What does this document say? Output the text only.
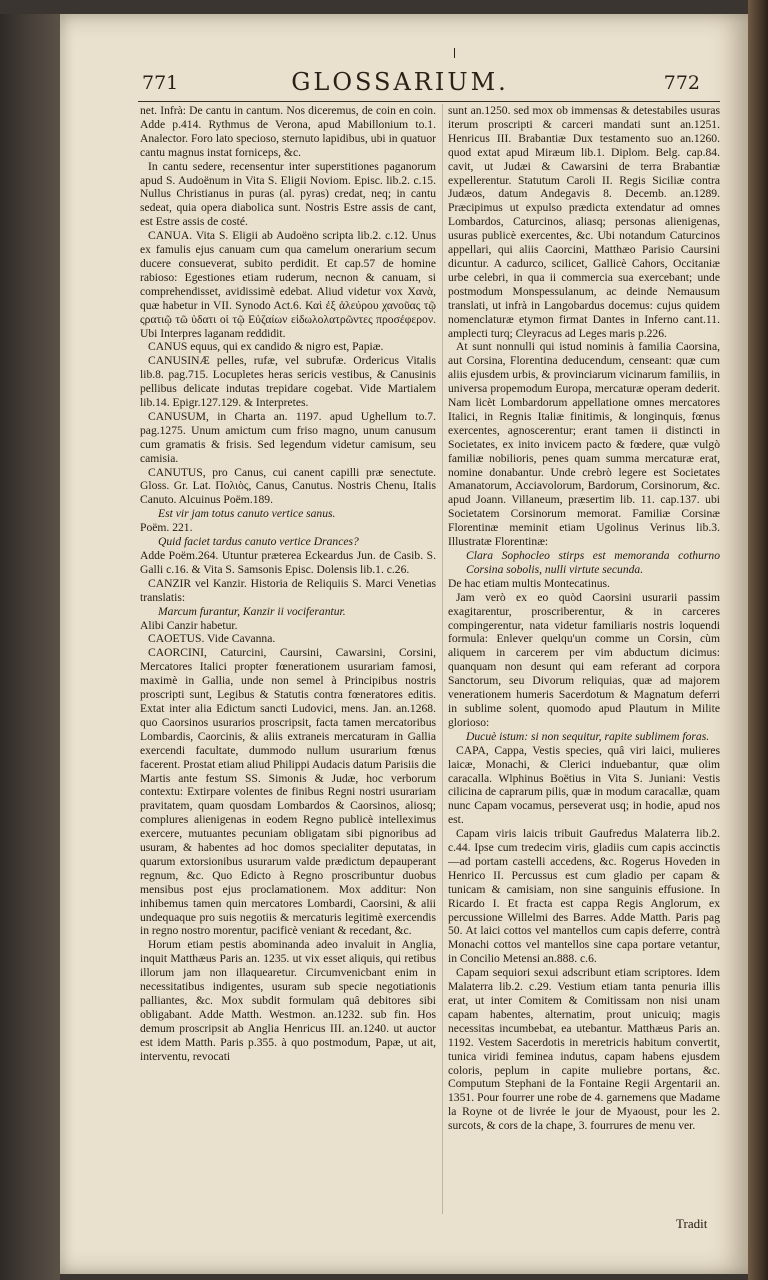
771	GLOSSARIUM.	772

net. Infrà: De cantu in cantum. Nos diceremus, de coin en coin. Adde p.414. Rythmus de Verona, apud Mabillonium to.1. Analector. Foro lato specioso, sternuto lapidibus, ubi in quatuor cantu magnus instat forniceps, &c.

In cantu sedere, recensentur inter superstitiones paganorum apud S. Audoënum in Vita S. Eligii Noviom. Episc. lib.2. c.15. Nullus Christianus in puras (al. pyras) credat, neq; in cantu sedeat, quia opera diabolica sunt. Nostris Estre assis de cant, est Estre assis de costé.

CANUA. Vita S. Eligii ab Audoëno scripta lib.2. c.12. Unus ex famulis ejus canuam cum qua camelum onerarium secum ducere consueverat, subito perdidit. Et cap.57 de homine rabioso: Egestiones etiam ruderum, necnon & canuam, si comprehendisset, avidissimè edebat. Aliud videtur vox Χανὰ, quæ habetur in VII. Synodo Act.6. Καὶ ἐξ ἀλεύρου χανοῦας τῷ ςρατιῷ τῶ ὑδατι οἱ τῷ Εὐζαίων εἰδωλολατρῶντες προσέφερον. Ubi Interpres laganam reddidit.

CANUS equus, qui ex candido & nigro est, Papiæ.

CANUSINÆ pelles, rufæ, vel subrufæ. Ordericus Vitalis lib.8. pag.715. Locupletes heras sericis vestibus, & Canusinis pellibus delicate indutas trepidare cogebat. Vide Martialem lib.14. Epigr.127.129. & Interpretes.

CANUSUM, in Charta an. 1197. apud Ughellum to.7. pag.1275. Unum amictum cum friso magno, unum canusum cum gramatis & frisis. Sed legendum videtur camisum, seu camisia.

CANUTUS, pro Canus, cui canent capilli præ senectute. Gloss. Gr. Lat. Πολιὸς, Canus, Canutus. Nostris Chenu, Italis Canuto. Alcuinus Poëm.189.

Est vir jam totus canuto vertice sanus.

Poëm. 221.

Quid faciet tardus canuto vertice Drances?

Adde Poëm.264. Utuntur præterea Eckeardus Jun. de Casib. S. Galli c.16. & Vita S. Samsonis Episc. Dolensis lib.1. c.26.

CANZIR vel Kanzir. Historia de Reliquiis S. Marci Venetias translatis:

Marcum furantur, Kanzir ii vociferantur.

Alibi Canzir habetur.

CAOETUS. Vide Cavanna.

CAORCINI, Caturcini, Caursini, Cawarsini, Corsini, Mercatores Italici propter fœnerationem usurariam famosi, maximè in Gallia, unde non semel à Principibus nostris proscripti sunt, Legibus & Statutis contra fœneratores editis. Extat inter alia Edictum sancti Ludovici, mens. Jan. an.1268. quo Caorsinos usurarios proscripsit, facta tamen mercatoribus Lombardis, Caorcinis, & aliis extraneis mercaturam in Gallia exercendi facultate, dummodo nullum usurarium fœnus facerent. Prostat etiam aliud Philippi Audacis datum Parisiis die Martis ante festum SS. Simonis & Judæ, hoc verborum contextu: Extirpare volentes de finibus Regni nostri usurariam pravitatem, quam quosdam Lombardos & Caorsinos, aliosq; complures alienigenas in eodem Regno publicè intelleximus exercere, mutuantes pecuniam obligatam sibi pignoribus ad usuram, & habentes ad hoc domos specialiter deputatas, in quarum extorsionibus usurarum valde prædictum depauperant regnum, &c. Quo Edicto à Regno proscribuntur duobus mensibus post ejus proclamationem. Mox additur: Non inhibemus tamen quin mercatores Lombardi, Caorsini, & alii undequaque pro suis negotiis & mercaturis legitimè exercendis in regno nostro morentur, pacificè veniant & recedant, &c.

Horum etiam pestis abominanda adeo invaluit in Anglia, inquit Matthæus Paris an. 1235. ut vix esset aliquis, qui retibus illorum jam non illaquearetur. Circumvenicbant enim in necessitatibus indigentes, usuram sub specie negotiationis palliantes, &c. Mox subdit formulam quâ debitores sibi obligabant. Adde Matth. Westmon. an.1232. sub fin. Hos demum proscripsit ab Anglia Henricus III. an.1240. ut auctor est idem Matth. Paris p.355. à quo postmodum, Papæ, ut ait, interventu, revocati

sunt an.1250. sed mox ob immensas & detestabiles usuras iterum proscripti & carceri mandati sunt an.1251. Henricus III. Brabantiæ Dux testamento suo an.1260. quod extat apud Miræum lib.1. Diplom. Belg. cap.84. cavit, ut Judæi & Cawarsini de terra Brabantiæ expellerentur. Statutum Caroli II. Regis Siciliæ contra Judæos, datum Andegavis 8. Decemb. an.1289. Præcipimus ut expulso prædicta extendatur ad omnes Lombardos, Caturcinos, aliasq; personas alienigenas, usuras publicè exercentes, &c. Ubi notandum Caturcinos appellari, qui aliis Caorcini, Matthæo Parisio Caursini dicuntur. A cadurco, scilicet, Gallicè Cahors, Occitaniæ urbe celebri, in qua ii commercia sua exercebant; unde postmodum Monspessulanum, ac deinde Nemausum translati, ut infrà in Langobardus docemus: cujus quidem nomenclaturæ etymon firmat Dantes in Inferno cant.11. amplecti turq; Cleyracus ad Leges maris p.226.

At sunt nonnulli qui istud nominis à familia Caorsina, aut Corsina, Florentina deducendum, censeant: quæ cum aliis ejusdem urbis, & provinciarum vicinarum familiis, in universa propemodum Europa, mercaturæ operam dederit. Nam licèt Lombardorum appellatione omnes mercatores Italici, in Regnis Italiæ finitimis, & longinquis, fœnus exercentes, agnoscerentur; erant tamen ii distincti in Societates, ex inito invicem pacto & fœdere, quæ vulgò familiæ nobilioris, penes quam summa mercaturæ erat, nomine donabantur. Unde crebrò legere est Societates Amanatorum, Acciavolorum, Bardorum, Corsinorum, &c. apud Joann. Villaneum, præsertim lib. 11. cap.137. ubi Societatem Corsinorum memorat. Familiæ Corsinæ Florentinæ meminit etiam Ugolinus Verinus lib.3. Illustratæ Florentinæ:

Clara Sophocleo stirps est memoranda cothurno Corsina sobolis, nulli virtute secunda.

De hac etiam multis Montecatinus.

Jam verò ex eo quòd Caorsini usurarii passim exagitarentur, proscriberentur, & in carceres compingerentur, nata videtur familiaris nostris loquendi formula: Enlever quelqu'un comme un Corsin, cùm aliquem in carcerem per vim abductum dicimus: quanquam non desunt qui eam referant ad corpora Sanctorum, seu Divorum reliquias, quæ ad majorem venerationem humeris Sacerdotum & Magnatum deferri in sublime solent, quomodo apud Plautum in Milite glorioso:

Ducuè istum: si non sequitur, rapite sublimem foras.

CAPA, Cappa, Vestis species, quâ viri laici, mulieres laicæ, Monachi, & Clerici induebantur, quæ olim caracalla. Wlphinus Boëtius in Vita S. Juniani: Vestis cilicina de caprarum pilis, quæ in modum caracallæ, quam nunc Capam vocamus, perseverat usq; in hodie, apud nos est.

Capam viris laicis tribuit Gaufredus Malaterra lib.2. c.44. Ipse cum tredecim viris, gladiis cum capis accinctis—ad portam castelli accedens, &c. Rogerus Hoveden in Henrico II. Percussus est cum gladio per capam & tunicam & camisiam, non sine sanguinis effusione. In Ricardo I. Et fracta est cappa Regis Anglorum, ex percussione Willelmi des Barres. Adde Matth. Paris pag 50. At laici cottos vel mantellos cum capis deferre, contrà Monachi cottos vel mantellos sine capa portare vetantur, in Concilio Metensi an.888. c.6.

Capam sequiori sexui adscribunt etiam scriptores. Idem Malaterra lib.2. c.29. Vestium etiam tanta penuria illis erat, ut inter Comitem & Comitissam non nisi unam capam habentes, alternatim, prout unicuiq; magis necessitas incumbebat, ea utebantur. Matthæus Paris an. 1192. Vestem Sacerdotis in meretricis habitum convertit, tunica viridi feminea indutus, capam habens ejusdem coloris, peplum in capite muliebre portans, &c. Computum Stephani de la Fontaine Regii Argentarii an. 1351. Pour fourrer une robe de 4. garnemens que Madame la Royne ot de livrée le jour de Myaoust, pour les 2. surcots, & cors de la chape, 3. fourrures de menu ver.

Tradit
